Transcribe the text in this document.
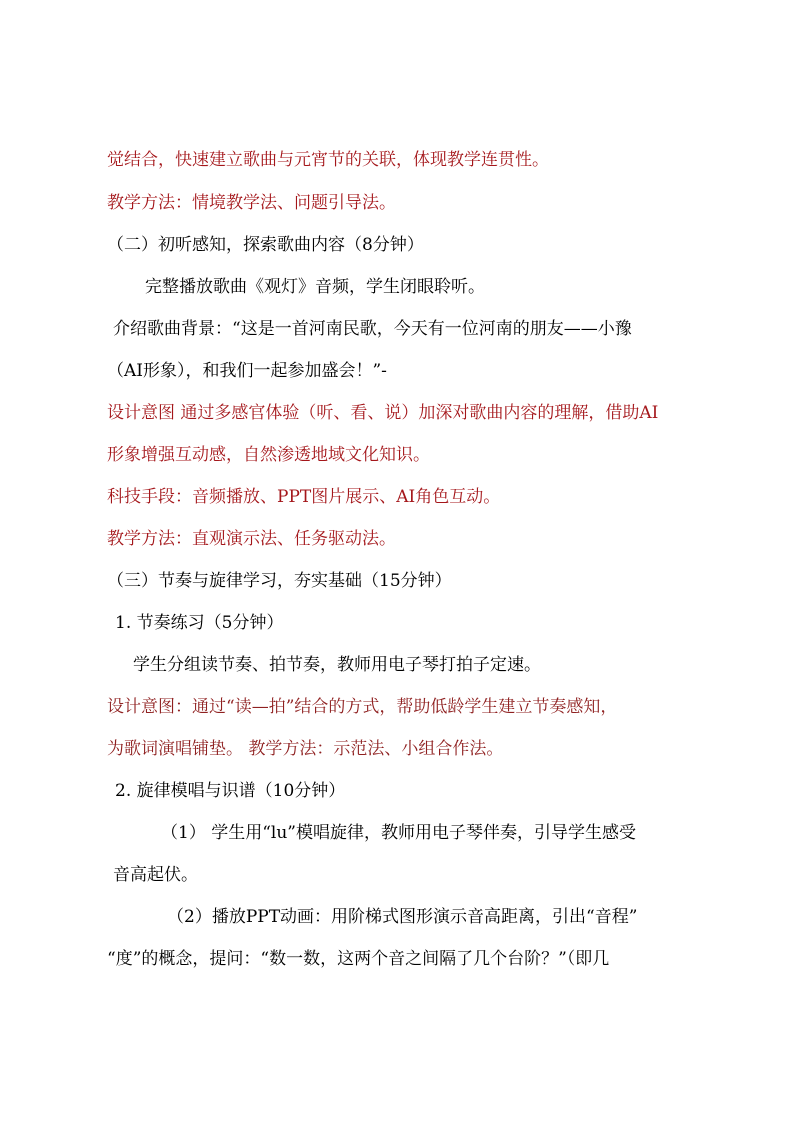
觉结合，快速建立歌曲与元宵节的关联，体现教学连贯性。
教学方法：情境教学法、问题引导法。
（二）初听感知，探索歌曲内容（8分钟）
完整播放歌曲《观灯》音频，学生闭眼聆听。
介绍歌曲背景：“这是一首河南民歌，今天有一位河南的朋友——小豫
（AI形象），和我们一起参加盛会！”-
设计意图 通过多感官体验（听、看、说）加深对歌曲内容的理解，借助AI
形象增强互动感，自然渗透地域文化知识。
科技手段：音频播放、PPT图片展示、AI角色互动。
教学方法：直观演示法、任务驱动法。
（三）节奏与旋律学习，夯实基础（15分钟）
1. 节奏练习（5分钟）
学生分组读节奏、拍节奏，教师用电子琴打拍子定速。
设计意图：通过“读—拍”结合的方式，帮助低龄学生建立节奏感知，
为歌词演唱铺垫。 教学方法：示范法、小组合作法。
2. 旋律模唱与识谱（10分钟）
（1） 学生用“lu”模唱旋律，教师用电子琴伴奏，引导学生感受
音高起伏。
（2）播放PPT动画：用阶梯式图形演示音高距离，引出“音程”
“度”的概念，提问：“数一数，这两个音之间隔了几个台阶？”（即几
